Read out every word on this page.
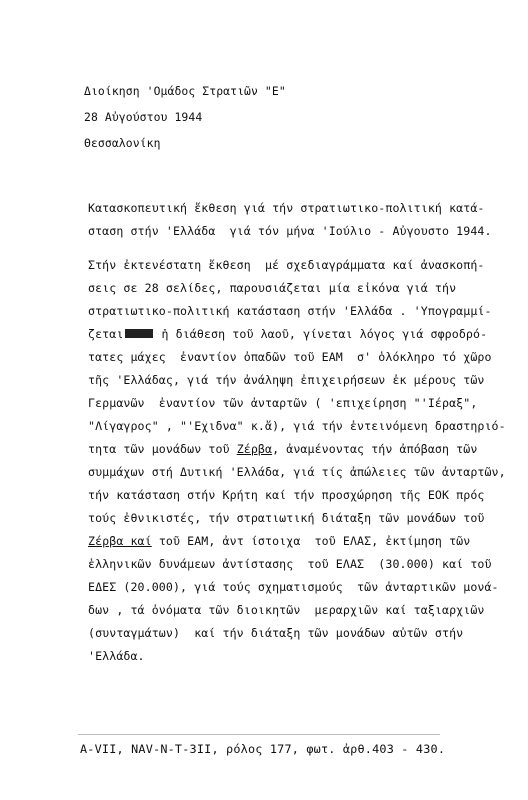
Διοίκηση 'Ομάδος Στρατιῶν "Ε"
28 Αὐγούστου 1944
Θεσσαλονίκη
Κατασκοπευτική ἔκθεση γιά τήν στρατιωτικο-πολιτική κατά-
σταση στήν 'Ελλάδα  γιά τόν μήνα 'Ιούλιο - Αὐγουστο 1944.
Στήν ἐκτενέστατη ἔκθεση  μέ σχεδιαγράμματα καί ἀνασκοπή-
σεις σε 28 σελίδες, παρουσιάζεται μία εἰκόνα γιά τήν
στρατιωτικο-πολιτική κατάσταση στήν 'Ελλάδα . 'Υπογραμμί-
ζεται	ἡ διάθεση τοῦ λαοῦ, γίνεται λόγος γιά σφροδρό-
τατες μάχες  ἐναντίον ὀπαδῶν τοῦ ΕΑΜ  σ' ὁλόκληρο τό χῶρο
τῆς 'Ελλάδας, γιά τήν ἀνάληψη ἐπιχειρήσεων ἐκ μέρους τῶν
Γερμανῶν  ἐναντίον τῶν ἀνταρτῶν ( 'επιχείρηση "'Ιέραξ",
"Λίγαγρος" , "'Εχιδνα" κ.ἄ), γιά τήν ἐντεινόμενη δραστηριό-
τητα τῶν μονάδων τοῦ Ζέρβα, ἀναμένοντας τήν ἀπόβαση τῶν
συμμάχων στή Δυτική 'Ελλάδα, γιά τίς ἀπώλειες τῶν ἀνταρτῶν,
τήν κατάσταση στήν Κρήτη καί τήν προσχώρηση τῆς ΕΟΚ πρός
τούς ἐθνικιστές, τήν στρατιωτική διάταξη τῶν μονάδων τοῦ
Ζέρβα καί τοῦ ΕΑΜ, ἀντ ίστοιχα  τοῦ ΕΛΑΣ, ἐκτίμηση τῶν
ἑλληνικῶν δυνάμεων ἀντίστασης  τοῦ ΕΛΑΣ  (30.000) καί τοῦ
ΕΔΕΣ (20.000), γιά τούς σχηματισμούς  τῶν ἀνταρτικῶν μονά-
δων , τά ὀνόματα τῶν διοικητῶν  μεραρχιῶν καί ταξιαρχιῶν
(συνταγμάτων)  καί τήν διάταξη τῶν μονάδων αὐτῶν στήν
'Ελλάδα.
A-VII, NAV-N-T-3II, ρόλος 177, φωτ. ἀρθ.403 - 430.
